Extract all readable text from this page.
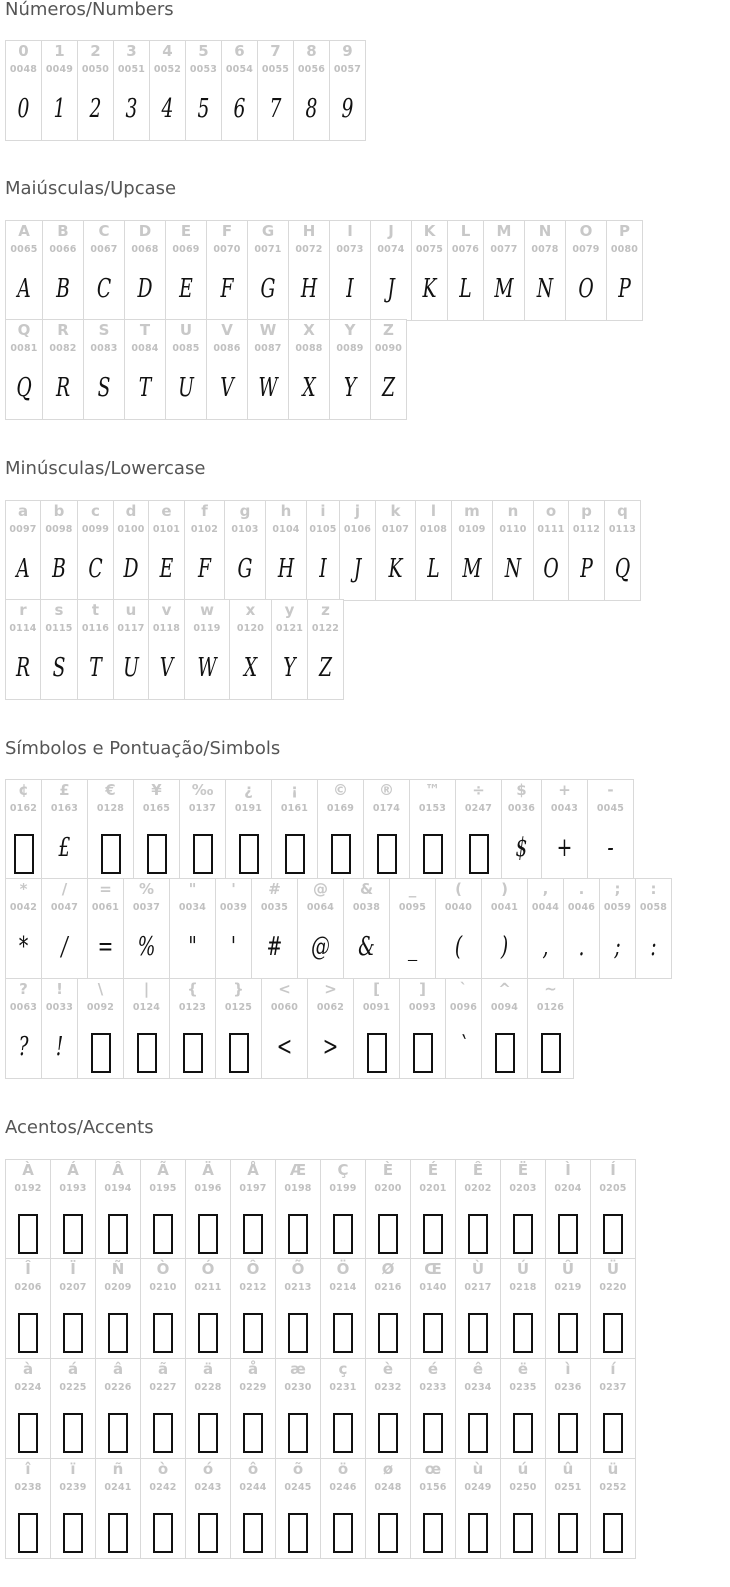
Números/Numbers
0
0048
0
1
0049
1
2
0050
2
3
0051
3
4
0052
4
5
0053
5
6
0054
6
7
0055
7
8
0056
8
9
0057
9
Maiúsculas/Upcase
A
0065
A
B
0066
B
C
0067
C
D
0068
D
E
0069
E
F
0070
F
G
0071
G
H
0072
H
I
0073
I
J
0074
J
K
0075
K
L
0076
L
M
0077
M
N
0078
N
O
0079
O
P
0080
P
Q
0081
Q
R
0082
R
S
0083
S
T
0084
T
U
0085
U
V
0086
V
W
0087
W
X
0088
X
Y
0089
Y
Z
0090
Z
Minúsculas/Lowercase
a
0097
A
b
0098
B
c
0099
C
d
0100
D
e
0101
E
f
0102
F
g
0103
G
h
0104
H
i
0105
I
j
0106
J
k
0107
K
l
0108
L
m
0109
M
n
0110
N
o
0111
O
p
0112
P
q
0113
Q
r
0114
R
s
0115
S
t
0116
T
u
0117
U
v
0118
V
w
0119
W
x
0120
X
y
0121
Y
z
0122
Z
Símbolos e Pontuação/Simbols
¢
0162
£
0163
£
€
0128
¥
0165
‰
0137
¿
0191
¡
0161
©
0169
®
0174
™
0153
÷
0247
$
0036
$
+
0043
+
-
0045
-
*
0042
*
/
0047
/
=
0061
=
%
0037
%
"
0034
"
'
0039
'
#
0035
#
@
0064
@
&
0038
&
_
0095
_
(
0040
(
)
0041
)
,
0044
,
.
0046
.
;
0059
;
:
0058
:
?
0063
?
!
0033
!
\
0092
|
0124
{
0123
}
0125
<
0060
<
>
0062
>
[
0091
]
0093
`
0096
`
^
0094
~
0126
Acentos/Accents
À
0192
Á
0193
Â
0194
Ã
0195
Ä
0196
Å
0197
Æ
0198
Ç
0199
È
0200
É
0201
Ê
0202
Ë
0203
Ì
0204
Í
0205
Î
0206
Ï
0207
Ñ
0209
Ò
0210
Ó
0211
Ô
0212
Õ
0213
Ö
0214
Ø
0216
Œ
0140
Ù
0217
Ú
0218
Û
0219
Ü
0220
à
0224
á
0225
â
0226
ã
0227
ä
0228
å
0229
æ
0230
ç
0231
è
0232
é
0233
ê
0234
ë
0235
ì
0236
í
0237
î
0238
ï
0239
ñ
0241
ò
0242
ó
0243
ô
0244
õ
0245
ö
0246
ø
0248
œ
0156
ù
0249
ú
0250
û
0251
ü
0252
